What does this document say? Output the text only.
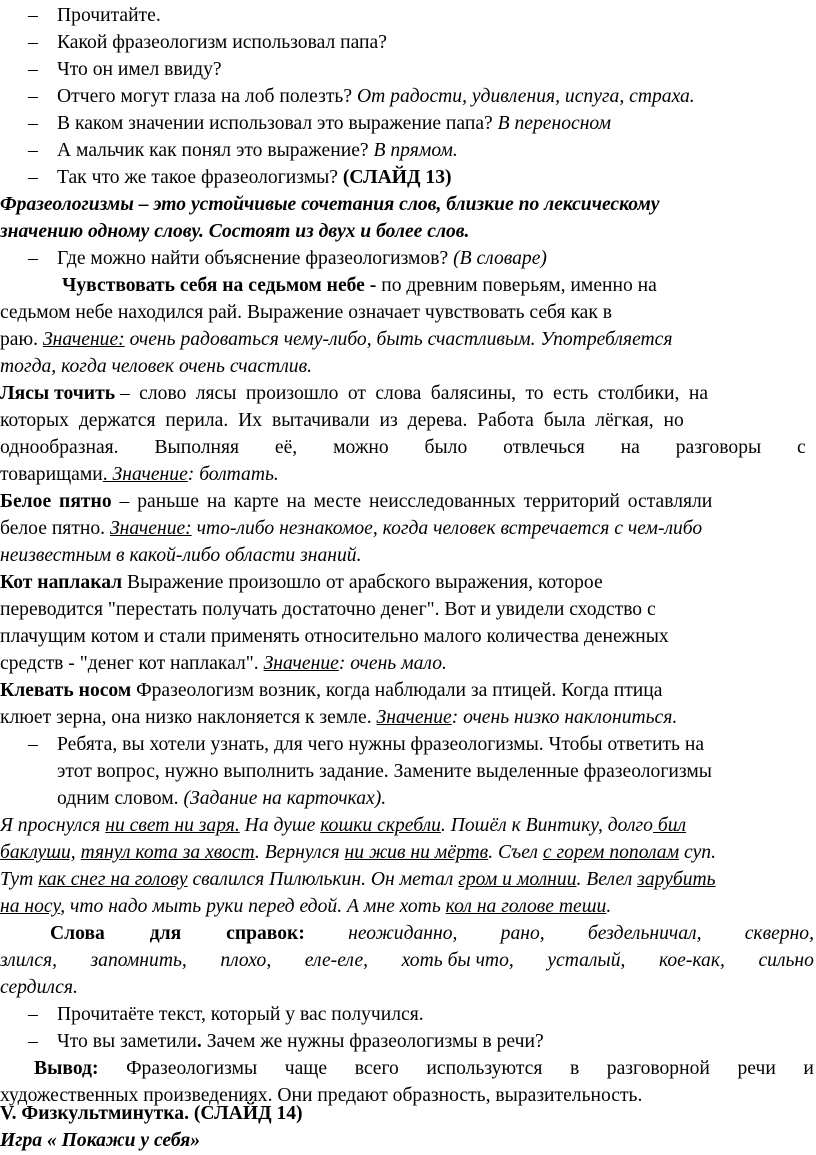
– Прочитайте.
– Какой фразеологизм использовал папа?
– Что он имел ввиду?
– Отчего могут глаза на лоб полезть? От радости, удивления, испуга, страха.
– В каком значении использовал это выражение папа? В переносном
– А мальчик как понял это выражение? В прямом.
– Так что же такое фразеологизмы? (СЛАЙД 13)
Фразеологизмы – это устойчивые сочетания слов, близкие по лексическому
значению одному слову. Состоят из двух и более слов.
– Где можно найти объяснение фразеологизмов? (В словаре)
Чувствовать себя на седьмом небе - по древним поверьям, именно на
седьмом небе находился рай. Выражение означает чувствовать себя как в
раю. Значение: очень радоваться чему-либо, быть счастливым. Употребляется
тогда, когда человек очень счастлив.
Лясы точить – слово лясы произошло от слова балясины, то есть столбики, на
которых держатся перила. Их вытачивали из дерева. Работа была лёгкая, но
однообразная. Выполняя её, можно было отвлечься на разговоры с
товарищами. Значение: болтать.
Белое пятно – раньше на карте на месте неисследованных территорий оставляли
белое пятно. Значение: что-либо незнакомое, когда человек встречается с чем-либо
неизвестным в какой-либо области знаний.
Кот наплакал Выражение произошло от арабского выражения, которое
переводится "перестать получать достаточно денег". Вот и увидели сходство с
плачущим котом и стали применять относительно малого количества денежных
средств - "денег кот наплакал". Значение: очень мало.
Клевать носом Фразеологизм возник, когда наблюдали за птицей. Когда птица
клюет зерна, она низко наклоняется к земле. Значение: очень низко наклониться.
– Ребята, вы хотели узнать, для чего нужны фразеологизмы. Чтобы ответить на
этот вопрос, нужно выполнить задание. Замените выделенные фразеологизмы
одним словом. (Задание на карточках).
Я проснулся ни свет ни заря. На душе кошки скребли. Пошёл к Винтику, долго бил
баклуши, тянул кота за хвост. Вернулся ни жив ни мёртв. Съел с горем пополам суп.
Тут как снег на голову свалился Пилюлькин. Он метал гром и молнии. Велел зарубить
на носу, что надо мыть руки перед едой. А мне хоть кол на голове теши.
Слова для справок: неожиданно, рано, бездельничал, скверно,
злился, запомнить, плохо, еле-еле, хоть бы что, усталый, кое-как, сильно
сердился.
– Прочитаёте текст, который у вас получился.
– Что вы заметили. Зачем же нужны фразеологизмы в речи?
Вывод: Фразеологизмы чаще всего используются в разговорной речи и
художественных произведениях. Они предают образность, выразительность.
V. Физкультминутка. (СЛАЙД 14)
Игра « Покажи у себя»
